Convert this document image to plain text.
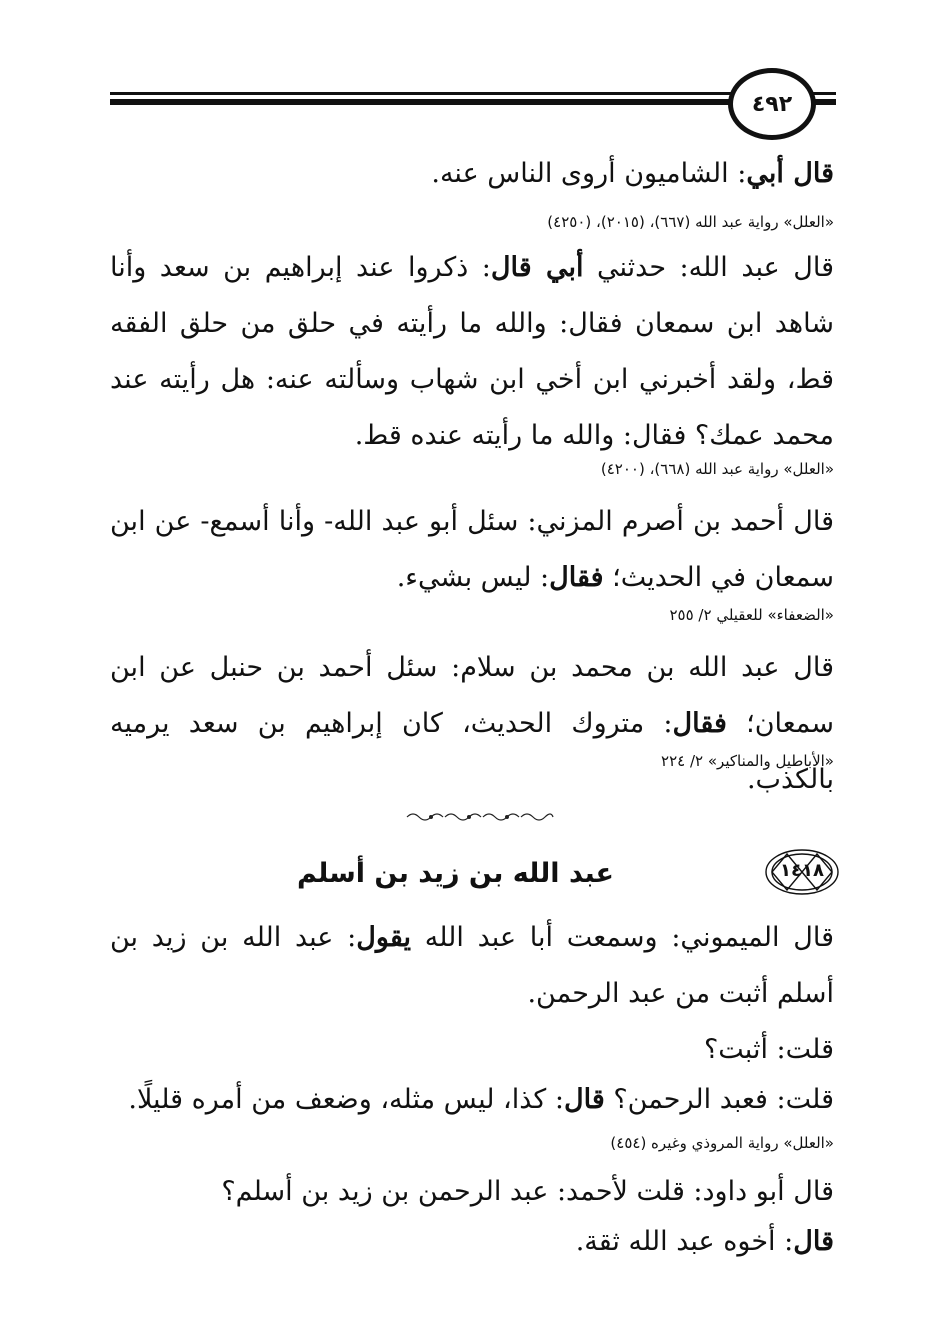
٤٩٢
قال أبي: الشاميون أروى الناس عنه.
«العلل» رواية عبد الله (٦٦٧)، (٢٠١٥)، (٤٢٥٠)
قال عبد الله: حدثني أبي قال: ذكروا عند إبراهيم بن سعد وأنا شاهد ابن سمعان فقال: والله ما رأيته في حلق من حلق الفقه قط، ولقد أخبرني ابن أخي ابن شهاب وسألته عنه: هل رأيته عند محمد عمك؟ فقال: والله ما رأيته عنده قط.
«العلل» رواية عبد الله (٦٦٨)، (٤٢٠٠)
قال أحمد بن أصرم المزني: سئل أبو عبد الله- وأنا أسمع- عن ابن سمعان في الحديث؛ فقال: ليس بشيء.
«الضعفاء» للعقيلي ٢/ ٢٥٥
قال عبد الله بن محمد بن سلام: سئل أحمد بن حنبل عن ابن سمعان؛ فقال: متروك الحديث، كان إبراهيم بن سعد يرميه بالكذب.
«الأباطيل والمناكير» ٢/ ٢٢٤
١٤١٨
عبد الله بن زيد بن أسلم
قال الميموني: وسمعت أبا عبد الله يقول: عبد الله بن زيد بن أسلم أثبت من عبد الرحمن.
قلت: أثبت؟
قلت: فعبد الرحمن؟ قال: كذا، ليس مثله، وضعف من أمره قليلًا.
«العلل» رواية المروذي وغيره (٤٥٤)
قال أبو داود: قلت لأحمد: عبد الرحمن بن زيد بن أسلم؟
قال: أخوه عبد الله ثقة.
